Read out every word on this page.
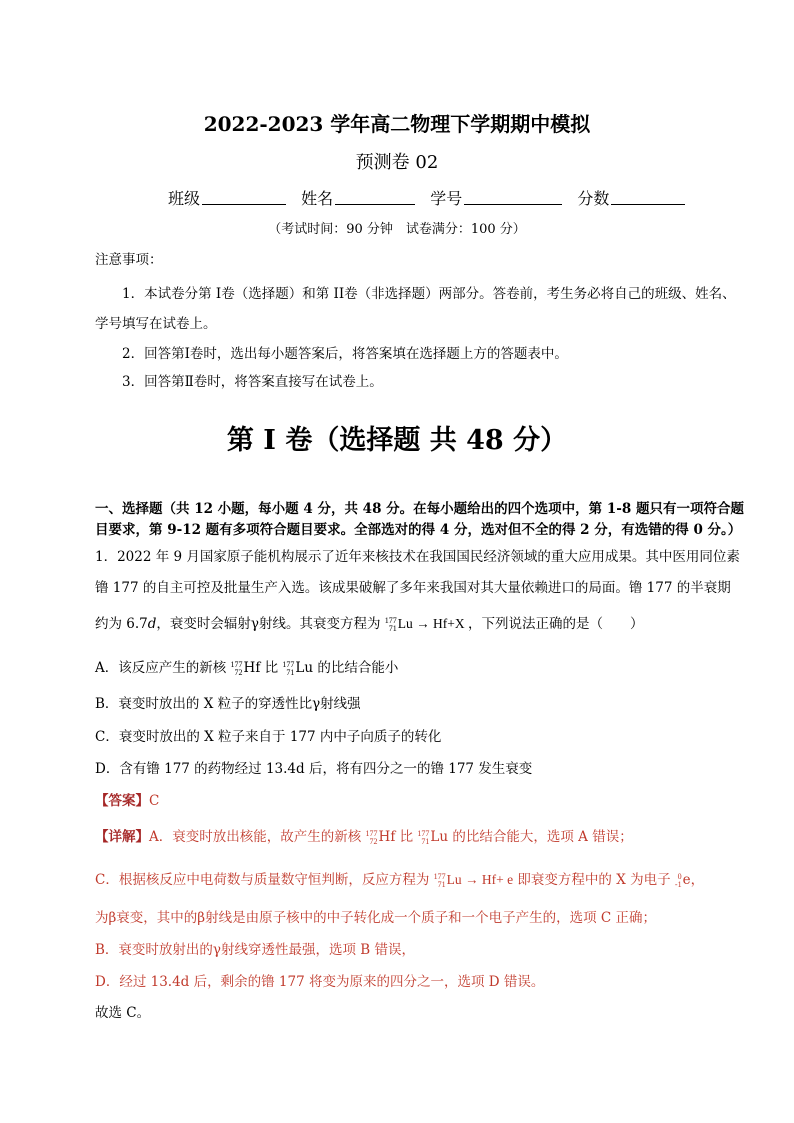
2022-2023 学年高二物理下学期期中模拟
预测卷 02
班级	姓名	学号	分数
（考试时间：90 分钟　试卷满分：100 分）
注意事项：
1．本试卷分第 I卷（选择题）和第 II卷（非选择题）两部分。答卷前，考生务必将自己的班级、姓名、
学号填写在试卷上。
2．回答第Ⅰ卷时，选出每小题答案后，将答案填在选择题上方的答题表中。
3．回答第Ⅱ卷时，将答案直接写在试卷上。
第 I 卷（选择题 共 48 分）
一、选择题（共 12 小题，每小题 4 分，共 48 分。在每小题给出的四个选项中，第 1-8 题只有一项符合题
目要求，第 9-12 题有多项符合题目要求。全部选对的得 4 分，选对但不全的得 2 分，有选错的得 0 分。）
1．2022 年 9 月国家原子能机构展示了近年来核技术在我国国民经济领域的重大应用成果。其中医用同位素
镥 177 的自主可控及批量生产入选。该成果破解了多年来我国对其大量依赖进口的局面。镥 177 的半衰期
约为 6.7d，衰变时会辐射γ射线。其衰变方程为 177
71Lu → Hf+X ，下列说法正确的是（　　）
A．该反应产生的新核 177
72Hf 比 177
71Lu 的比结合能小
B．衰变时放出的 X 粒子的穿透性比γ射线强
C．衰变时放出的 X 粒子来自于 177 内中子向质子的转化
D．含有镥 177 的药物经过 13.4d 后，将有四分之一的镥 177 发生衰变
【答案】C
【详解】A．衰变时放出核能，故产生的新核 177
72Hf 比 177
71Lu 的比结合能大，选项 A 错误；
C．根据核反应中电荷数与质量数守恒判断，反应方程为 177
71Lu → Hf+ e 即衰变方程中的 X 为电子 0
-1e，
为β衰变，其中的β射线是由原子核中的中子转化成一个质子和一个电子产生的，选项 C 正确；
B．衰变时放射出的γ射线穿透性最强，选项 B 错误，
D．经过 13.4d 后，剩余的镥 177 将变为原来的四分之一，选项 D 错误。
故选 C。
